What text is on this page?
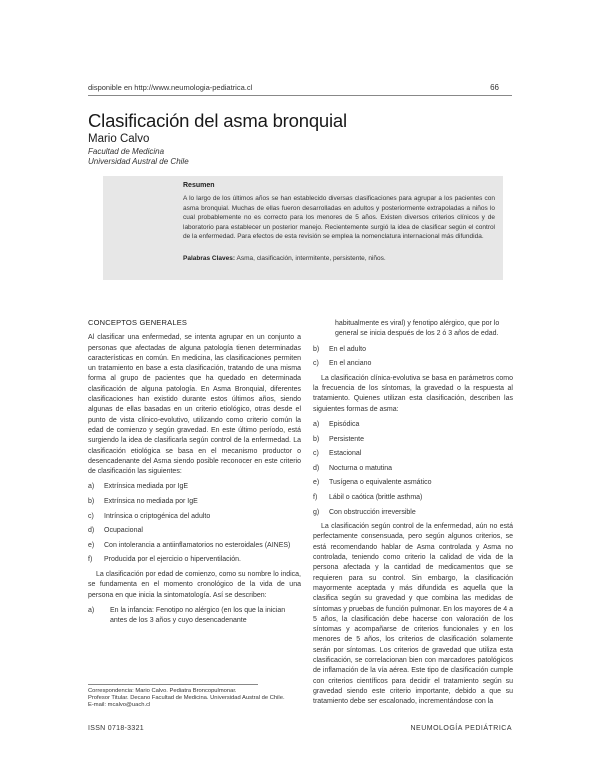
disponible en http://www.neumologia-pediatrica.cl	66
Clasificación del asma bronquial
Mario Calvo
Facultad de Medicina
Universidad Austral de Chile
Resumen
A lo largo de los últimos años se han establecido diversas clasificaciones para agrupar a los pacientes con asma bronquial. Muchas de ellas fueron desarrolladas en adultos y posteriormente extrapoladas a niños lo cual probablemente no es correcto para los menores de 5 años. Existen diversos criterios clínicos y de laboratorio para establecer un posterior manejo. Recientemente surgió la idea de clasificar según el control de la enfermedad. Para efectos de esta revisión se emplea la nomenclatura internacional más difundida.
Palabras Claves: Asma, clasificación, intermitente, persistente, niños.
CONCEPTOS GENERALES

Al clasificar una enfermedad, se intenta agrupar en un conjunto a personas que afectadas de alguna patología tienen determinadas características en común. En medicina, las clasificaciones permiten un tratamiento en base a esta clasificación, tratando de una misma forma al grupo de pacientes que ha quedado en determinada clasificación de alguna patología. En Asma Bronquial, diferentes clasificaciones han existido durante estos últimos años, siendo algunas de ellas basadas en un criterio etiológico, otras desde el punto de vista clínico-evolutivo, utilizando como criterio común la edad de comienzo y según gravedad. En este último período, está surgiendo la idea de clasificarla según control de la enfermedad. La clasificación etiológica se basa en el mecanismo productor o desencadenante del Asma siendo posible reconocer en este criterio de clasificación las siguientes:

a)	Extrínsica mediada por IgE
b)	Extrínsica no mediada por IgE
c)	Intrínsica o criptogénica del adulto
d)	Ocupacional
e)	Con intolerancia a antiinflamatorios no esteroidales (AINES)
f)	Producida por el ejercicio o hiperventilación.

La clasificación por edad de comienzo, como su nombre lo indica, se fundamenta en el momento cronológico de la vida de una persona en que inicia la sintomatología. Así se describen:

a)	En la infancia: Fenotipo no alérgico (en los que la inician antes de los 3 años y cuyo desencadenante

habitualmente es viral) y fenotipo alérgico, que por lo general se inicia después de los 2 ó 3 años de edad.

b)	En el adulto
c)	En el anciano

La clasificación clínica-evolutiva se basa en parámetros como la frecuencia de los síntomas, la gravedad o la respuesta al tratamiento. Quienes utilizan esta clasificación, describen las siguientes formas de asma:

a)	Episódica
b)	Persistente
c)	Estacional
d)	Nocturna o matutina
e)	Tusígena o equivalente asmático
f)	Lábil o caótica (brittle asthma)
g)	Con obstrucción irreversible

La clasificación según control de la enfermedad, aún no está perfectamente consensuada, pero según algunos criterios, se está recomendando hablar de Asma controlada y Asma no controlada, teniendo como criterio la calidad de vida de la persona afectada y la cantidad de medicamentos que se requieren para su control. Sin embargo, la clasificación mayormente aceptada y más difundida es aquella que la clasifica según su gravedad y que combina las medidas de síntomas y pruebas de función pulmonar. En los mayores de 4 a 5 años, la clasificación debe hacerse con valoración de los síntomas y acompañarse de criterios funcionales y en los menores de 5 años, los criterios de clasificación solamente serán por síntomas. Los criterios de gravedad que utiliza esta clasificación, se correlacionan bien con marcadores patológicos de inflamación de la vía aérea. Este tipo de clasificación cumple con criterios científicos para decidir el tratamiento según su gravedad siendo este criterio importante, debido a que su tratamiento debe ser escalonado, incrementándose con la

Correspondencia: Mario Calvo. Pediatra Broncopulmonar.
Profesor Titular. Decano Facultad de Medicina. Universidad Austral de Chile.
E-mail: mcalvo@uach.cl
ISSN 0718-3321	NEUMOLOGÍA PEDIÁTRICA
